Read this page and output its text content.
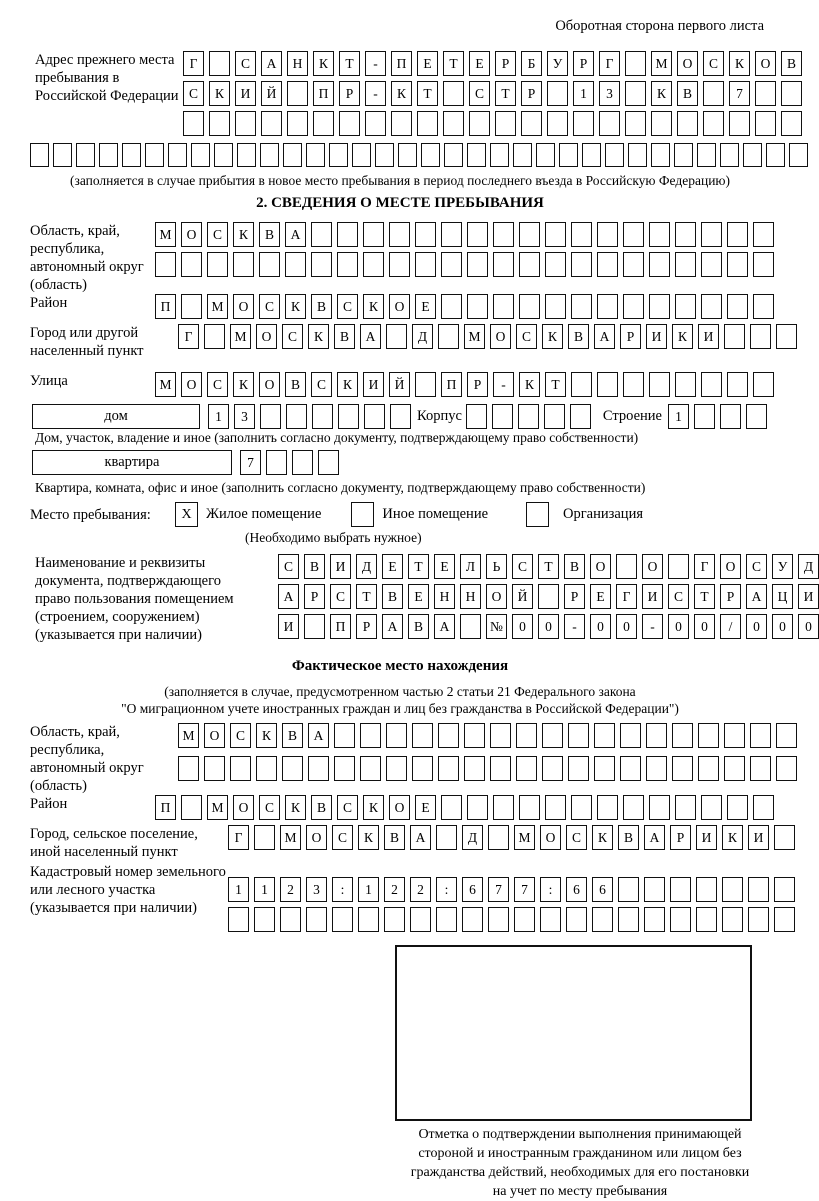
Оборотная сторона первого листа
Адрес прежнего места пребывания в Российской Федерации
Г	С	А	Н	К	Т	-	П	Е	Т	Е	Р	Б	У	Р	Г	М	О	С	К	О	В
С	К	И	Й	П	Р	-	К	Т	С	Т	Р	1	3	К	В	7
(заполняется в случае прибытия в новое место пребывания в период последнего въезда в Российскую Федерацию)
2. СВЕДЕНИЯ О МЕСТЕ ПРЕБЫВАНИЯ
Область, край, республика, автономный округ (область)
М	О	С	К	В	А
Район	П	М	О	С	К	В	С	К	О	Е
Город или другой населенный пункт
Г	М	О	С	К	В	А	Д	М	О	С	К	В	А	Р	И	К	И
Улица	М	О	С	К	О	В	С	К	И	Й	П	Р	-	К	Т
дом	1	3	Корпус	Строение 1
Дом, участок, владение и иное (заполнить согласно документу, подтверждающему право собственности)
квартира	7
Квартира, комната, офис и иное (заполнить согласно документу, подтверждающему право собственности)
Место пребывания:	X Жилое помещение	Иное помещение	Организация
(Необходимо выбрать нужное)
Наименование и реквизиты документа, подтверждающего право пользования помещением (строением, сооружением) (указывается при наличии)
С	В	И	Д	Е	Т	Е	Л	Ь	С	Т	В	О	О	Г	О	С	У	Д
А	Р	С	Т	В	Е	Н	Н	О	Й	Р	Е	Г	И	С	Т	Р	А	Ц	И
И	П	Р	А	В	А	№	0	0	-	0	0	-	0	0	/	0	0	0
Фактическое место нахождения
(заполняется в случае, предусмотренном частью 2 статьи 21 Федерального закона
"О миграционном учете иностранных граждан и лиц без гражданства в Российской Федерации")
Область, край, республика, автономный округ (область)
М	О	С	К	В	А
Район	П	М	О	С	К	В	С	К	О	Е
Город, сельское поселение, иной населенный пункт
Г	М	О	С	К	В	А	Д	М	О	С	К	В	А	Р	И	К	И
Кадастровый номер земельного или лесного участка (указывается при наличии)
1	1	2	3	:	1	2	2	:	6	7	7	:	6	6
Отметка о подтверждении выполнения принимающей
стороной и иностранным гражданином или лицом без
гражданства действий, необходимых для его постановки
на учет по месту пребывания
